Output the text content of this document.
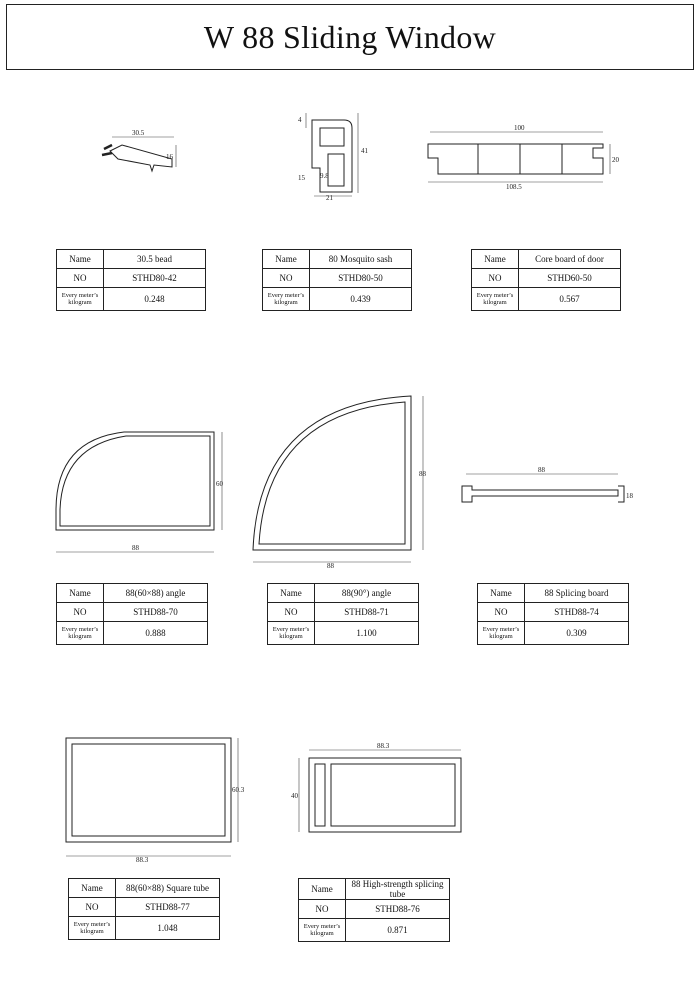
W 88 Sliding Window
30.5
16
4
41
15 9.8
21
100
108.5
20
60
88
88
88
88
18
60.3
88.3
88.3
40
Name	30.5 bead
NO	STHD80-42
Every meter’s
kilogram	0.248
Name	80 Mosquito sash
NO	STHD80-50
Every meter’s
kilogram	0.439
Name	Core board of door
NO	STHD60-50
Every meter’s
kilogram	0.567
Name	88(60×88) angle
NO	STHD88-70
Every meter’s
kilogram	0.888
Name	88(90°) angle
NO	STHD88-71
Every meter’s
kilogram	1.100
Name	88 Splicing board
NO	STHD88-74
Every meter’s
kilogram	0.309
Name	88(60×88) Square tube
NO	STHD88-77
Every meter’s
kilogram	1.048
Name	88 High-strength splicing tube
NO	STHD88-76
Every meter’s
kilogram	0.871
